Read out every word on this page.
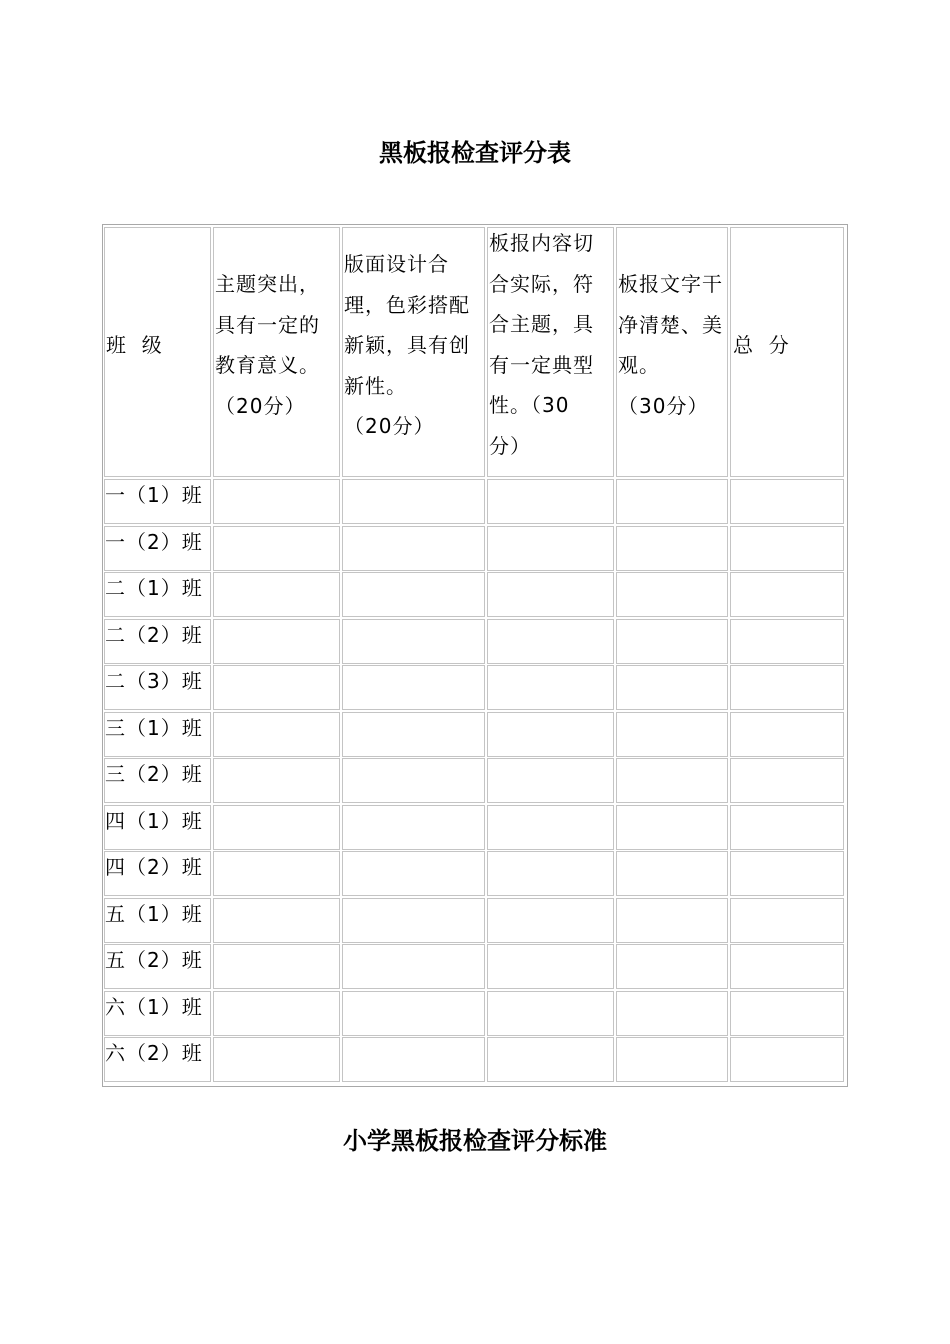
黑板报检查评分表
班  级
主题突出，
具有一定的
教育意义。
（20分）
版面设计合
理，色彩搭配
新颖，具有创
新性。
（20分）
板报内容切
合实际，符
合主题，具
有一定典型
性。（30
分）
板报文字干
净清楚、美
观。
（30分）
总  分
一（1）班
一（2）班
二（1）班
二（2）班
二（3）班
三（1）班
三（2）班
四（1）班
四（2）班
五（1）班
五（2）班
六（1）班
六（2）班
小学黑板报检查评分标准
